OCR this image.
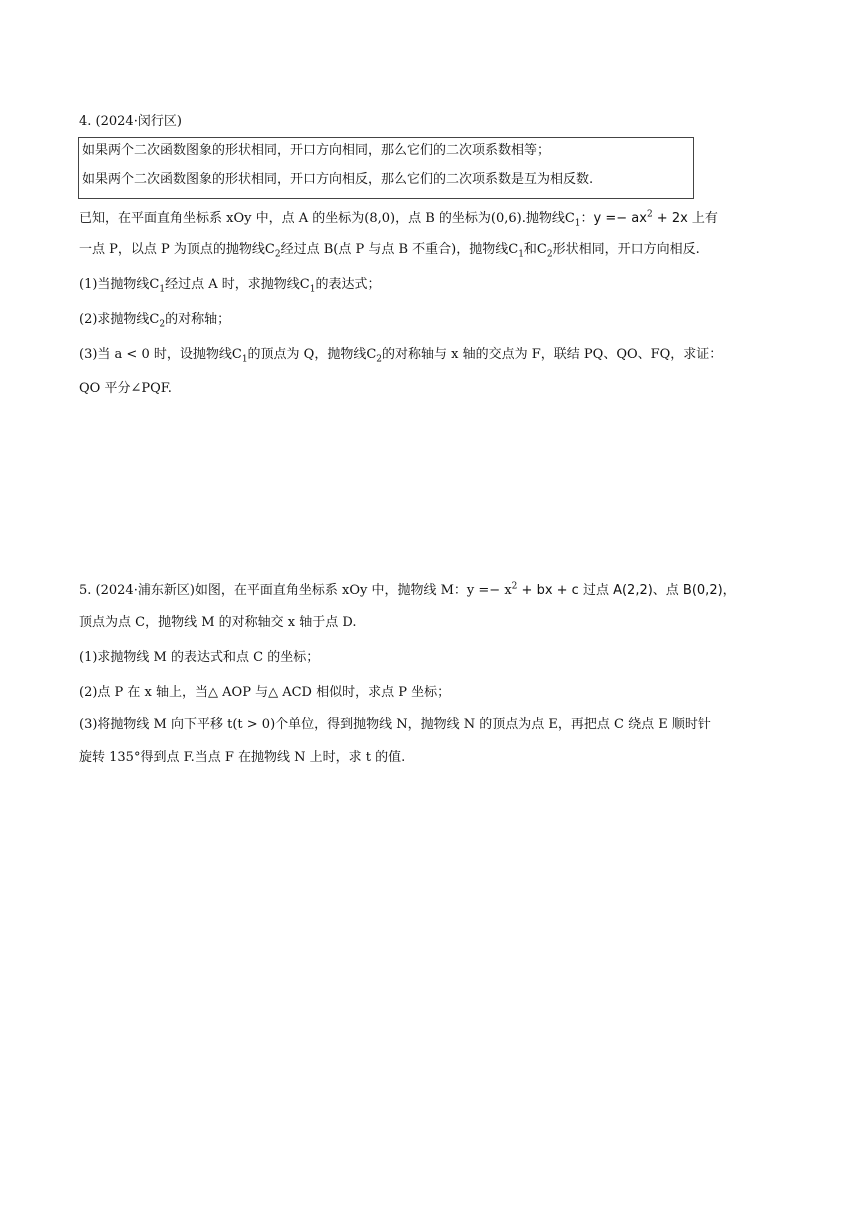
4. (2024·闵行区)
如果两个二次函数图象的形状相同，开口方向相同，那么它们的二次项系数相等；
如果两个二次函数图象的形状相同，开口方向相反，那么它们的二次项系数是互为相反数.
已知，在平面直角坐标系 xOy 中，点 A 的坐标为(8,0)，点 B 的坐标为(0,6).抛物线$C_1$：$y =- ax^2 + 2x$ 上有
一点 P，以点 P 为顶点的抛物线$C_2$经过点 B(点 P 与点 B 不重合)，抛物线$C_1$和$C_2$形状相同，开口方向相反.
(1)当抛物线$C_1$经过点 A 时，求抛物线$C_1$的表达式；
(2)求抛物线$C_2$的对称轴；
(3)当 a < 0 时，设抛物线$C_1$的顶点为 Q，抛物线$C_2$的对称轴与 x 轴的交点为 F，联结 PQ、QO、FQ，求证：
QO 平分∠PQF.
5. (2024·浦东新区)如图，在平面直角坐标系 xOy 中，抛物线 M：$y =- x^2$ + bx + c 过点 A(2,2)、点 B(0,2)，
顶点为点 C，抛物线 M 的对称轴交 x 轴于点 D.
(1)求抛物线 M 的表达式和点 C 的坐标；
(2)点 P 在 x 轴上，当△ AOP 与△ ACD 相似时，求点 P 坐标；
(3)将抛物线 M 向下平移 t(t > 0)个单位，得到抛物线 N，抛物线 N 的顶点为点 E，再把点 C 绕点 E 顺时针
旋转 135°得到点 F.当点 F 在抛物线 N 上时，求 t 的值.
